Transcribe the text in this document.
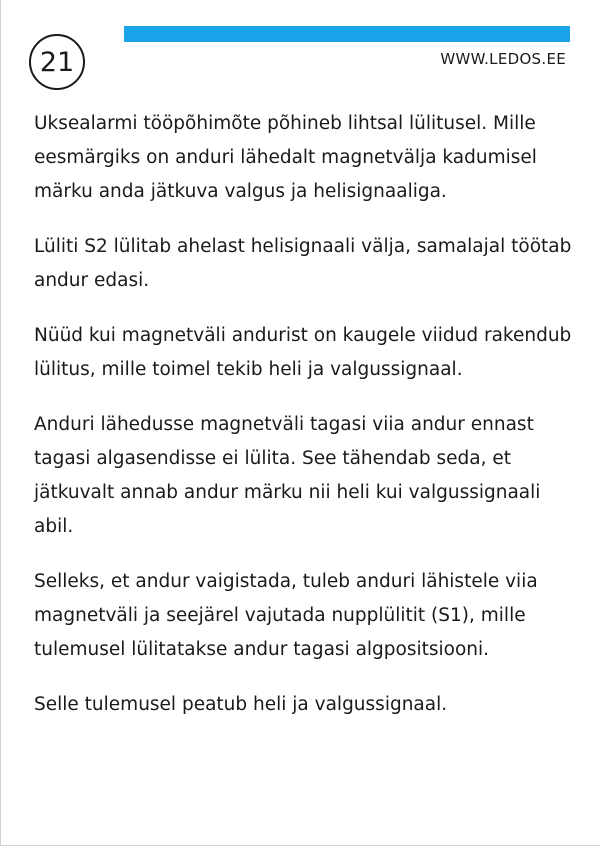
21	WWW.LEDOS.EE

Uksealarmi tööpõhimõte põhineb lihtsal lülitusel. Mille eesmärgiks on anduri lähedalt magnetvälja kadumisel märku anda jätkuva valgus ja helisignaaliga.

Lüliti S2 lülitab ahelast helisignaali välja, samalajal töötab andur edasi.

Nüüd kui magnetväli andurist on kaugele viidud rakendub lülitus, mille toimel tekib heli ja valgussignaal.

Anduri lähedusse magnetväli tagasi viia andur ennast tagasi algasendisse ei lülita. See tähendab seda, et jätkuvalt annab andur märku nii heli kui valgussignaali abil.

Selleks, et andur vaigistada, tuleb anduri lähistele viia magnetväli ja seejärel vajutada nupplülitit (S1), mille tulemusel lülitatakse andur tagasi algpositsiooni.

Selle tulemusel peatub heli ja valgussignaal.
